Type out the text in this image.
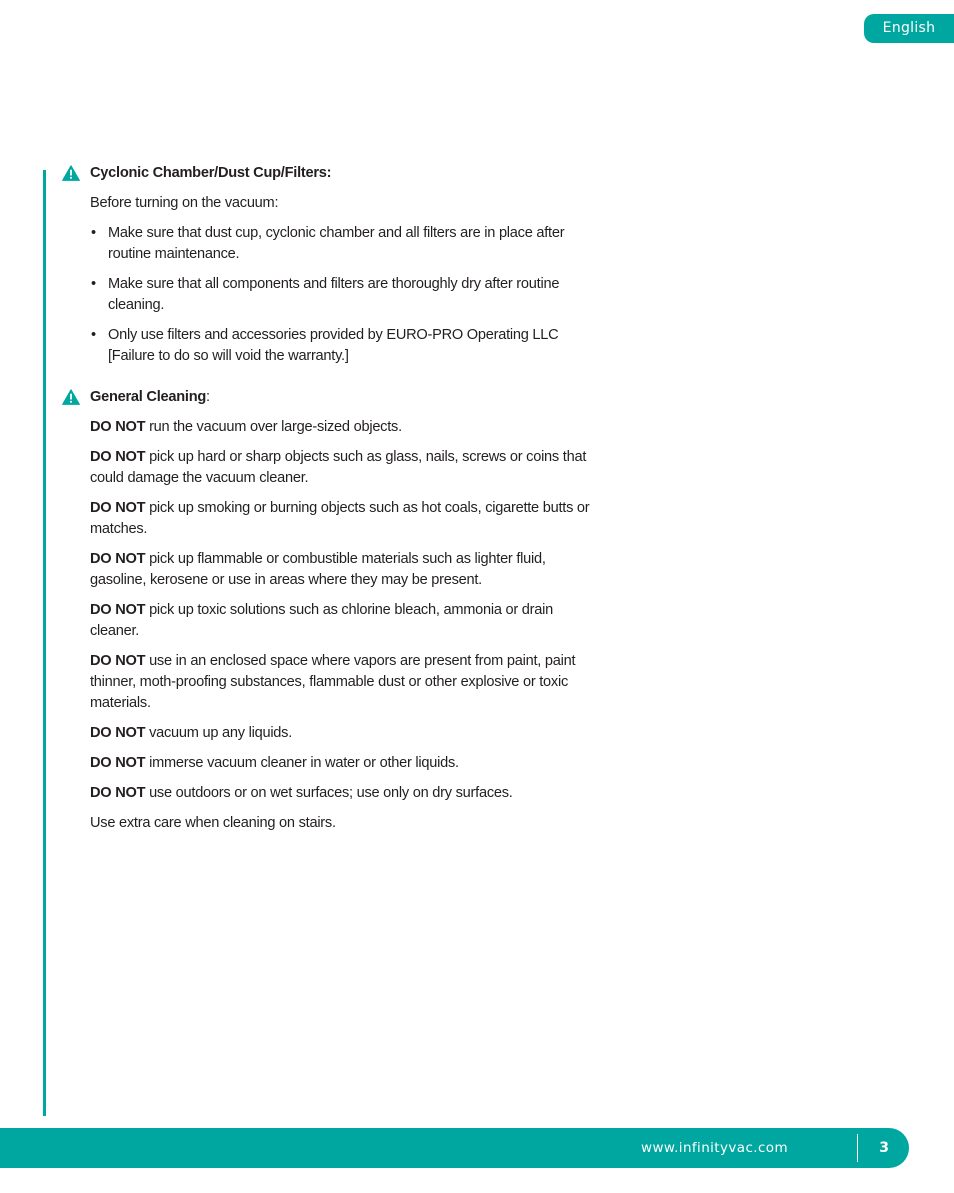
English
Cyclonic Chamber/Dust Cup/Filters:
Before turning on the vacuum:
• Make sure that dust cup, cyclonic chamber and all filters are in place after routine maintenance.
• Make sure that all components and filters are thoroughly dry after routine cleaning.
• Only use filters and accessories provided by EURO-PRO Operating LLC [Failure to do so will void the warranty.]
General Cleaning:
DO NOT run the vacuum over large-sized objects.
DO NOT pick up hard or sharp objects such as glass, nails, screws or coins that could damage the vacuum cleaner.
DO NOT pick up smoking or burning objects such as hot coals, cigarette butts or matches.
DO NOT pick up flammable or combustible materials such as lighter fluid, gasoline, kerosene or use in areas where they may be present.
DO NOT pick up toxic solutions such as chlorine bleach, ammonia or drain cleaner.
DO NOT use in an enclosed space where vapors are present from paint, paint thinner, moth-proofing substances, flammable dust or other explosive or toxic materials.
DO NOT vacuum up any liquids.
DO NOT immerse vacuum cleaner in water or other liquids.
DO NOT use outdoors or on wet surfaces; use only on dry surfaces.
Use extra care when cleaning on stairs.
www.infinityvac.com	3
